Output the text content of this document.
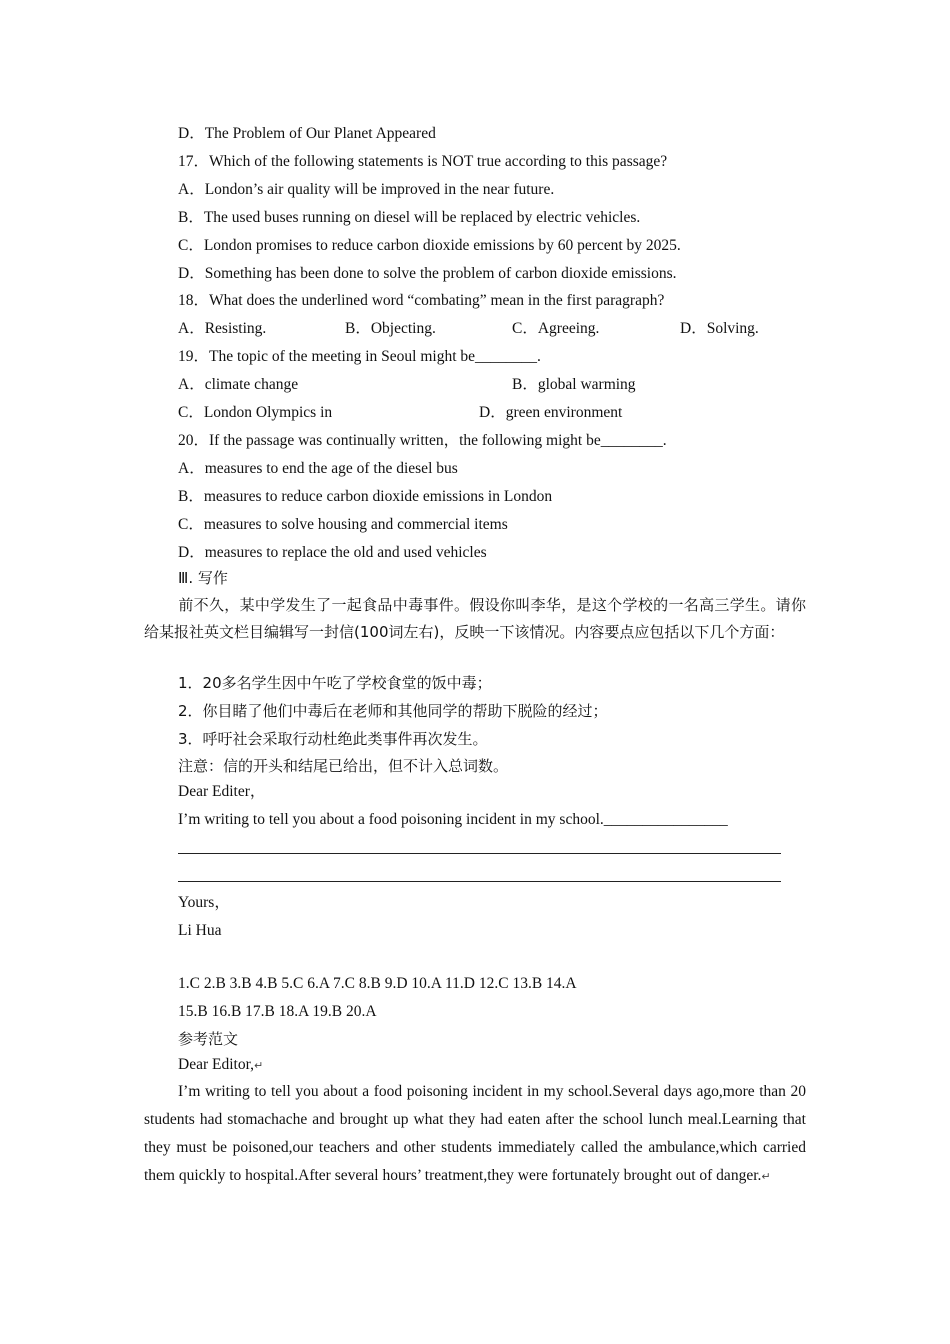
D．The Problem of Our Planet Appeared
17．Which of the following statements is NOT true according to this passage?
A．London’s air quality will be improved in the near future.
B．The used buses running on diesel will be replaced by electric vehicles.
C．London promises to reduce carbon dioxide emissions by 60 percent by 2025.
D．Something has been done to solve the problem of carbon dioxide emissions.
18．What does the underlined word “combating” mean in the first paragraph?
A．Resisting.	B．Objecting.	C．Agreeing.	D．Solving.
19．The topic of the meeting in Seoul might be________.
A．climate change	B．global warming
C．London Olympics in	D．green environment
20．If the passage was continually written，the following might be________.
A．measures to end the age of the diesel bus
B．measures to reduce carbon dioxide emissions in London
C．measures to solve housing and commercial items
D．measures to replace the old and used vehicles
Ⅲ. 写作
前不久，某中学发生了一起食品中毒事件。假设你叫李华，是这个学校的一名高三学生。请你给某报社英文栏目编辑写一封信(100词左右)，反映一下该情况。内容要点应包括以下几个方面：
1．20多名学生因中午吃了学校食堂的饭中毒；
2．你目睹了他们中毒后在老师和其他同学的帮助下脱险的经过；
3．呼吁社会采取行动杜绝此类事件再次发生。
注意：信的开头和结尾已给出，但不计入总词数。
Dear Editer，
I’m writing to tell you about a food poisoning incident in my school.________________
Yours，
Li Hua
1.C 2.B 3.B 4.B 5.C 6.A 7.C 8.B 9.D 10.A 11.D 12.C 13.B 14.A
15.B 16.B 17.B 18.A 19.B 20.A
参考范文
Dear Editor,↵
I’m writing to tell you about a food poisoning incident in my school.Several days ago,more than 20 students had stomachache and brought up what they had eaten after the school lunch meal.Learning that they must be poisoned,our teachers and other students immediately called the ambulance,which carried them quickly to hospital.After several hours’ treatment,they were fortunately brought out of danger.↵
